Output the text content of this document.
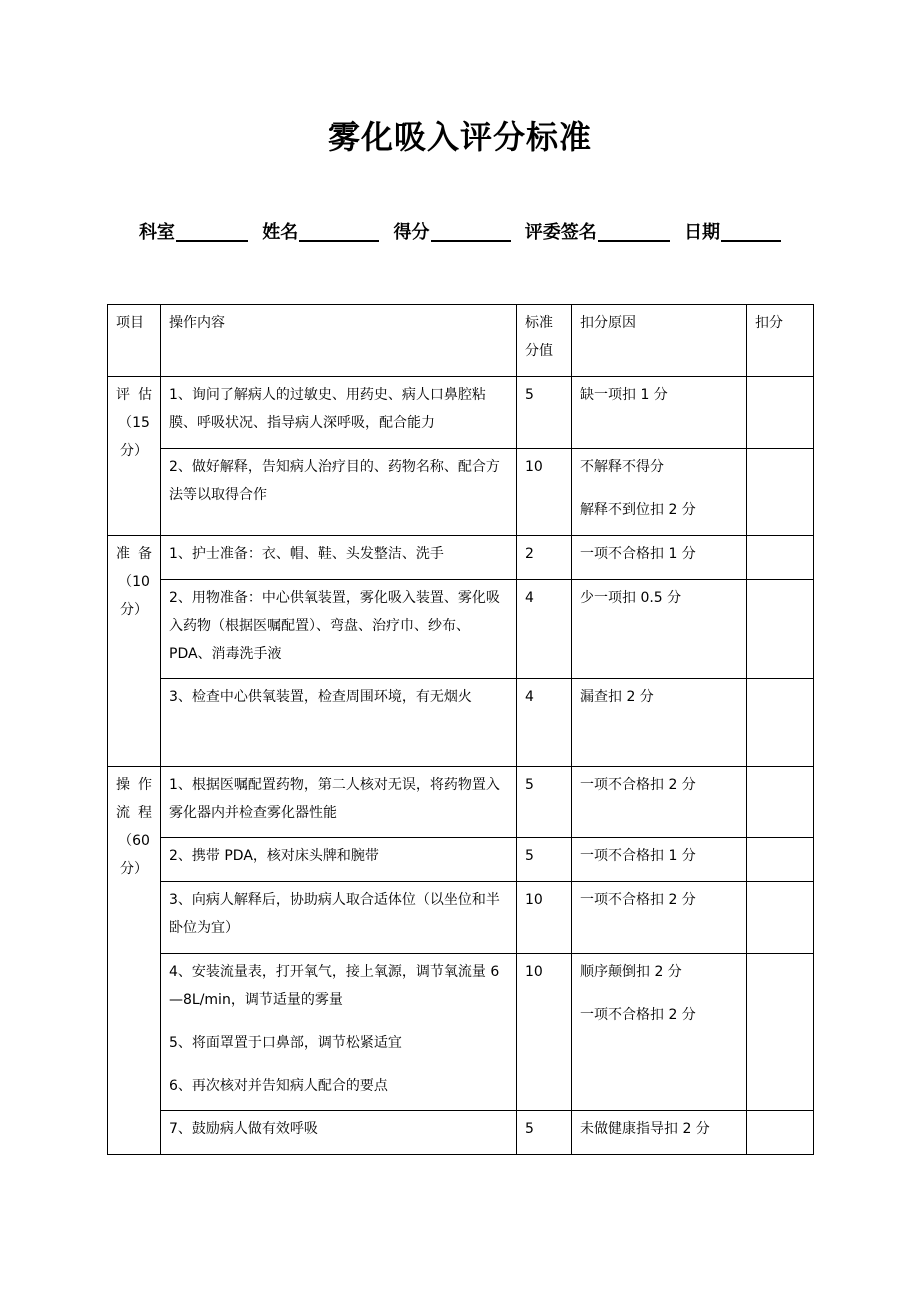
雾化吸入评分标准
科室	姓名	得分	评委签名	日期
项目	操作内容	标准分值	扣分原因	扣分

评估
（15分）	1、询问了解病人的过敏史、用药史、病人口鼻腔粘膜、呼吸状况、指导病人深呼吸，配合能力	5	缺一项扣 1 分	

	2、做好解释，告知病人治疗目的、药物名称、配合方法等以取得合作	10	不解释不得分
解释不到位扣 2 分	

准备
（10分）	1、护士准备：衣、帽、鞋、头发整洁、洗手	2	一项不合格扣 1 分	

	2、用物准备：中心供氧装置，雾化吸入装置、雾化吸入药物（根据医嘱配置）、弯盘、治疗巾、纱布、PDA、消毒洗手液	4	少一项扣 0.5 分	

	3、检查中心供氧装置，检查周围环境，有无烟火	4	漏查扣 2 分	

操作流程
（60分）	1、根据医嘱配置药物，第二人核对无误，将药物置入雾化器内并检查雾化器性能	5	一项不合格扣 2 分	

	2、携带 PDA，核对床头牌和腕带	5	一项不合格扣 1 分	

	3、向病人解释后，协助病人取合适体位（以坐位和半卧位为宜）	10	一项不合格扣 2 分	

	4、安装流量表，打开氧气，接上氧源，调节氧流量 6—8L/min，调节适量的雾量
5、将面罩置于口鼻部，调节松紧适宜
6、再次核对并告知病人配合的要点	10	顺序颠倒扣 2 分
一项不合格扣 2 分	

	7、鼓励病人做有效呼吸	5	未做健康指导扣 2 分	
